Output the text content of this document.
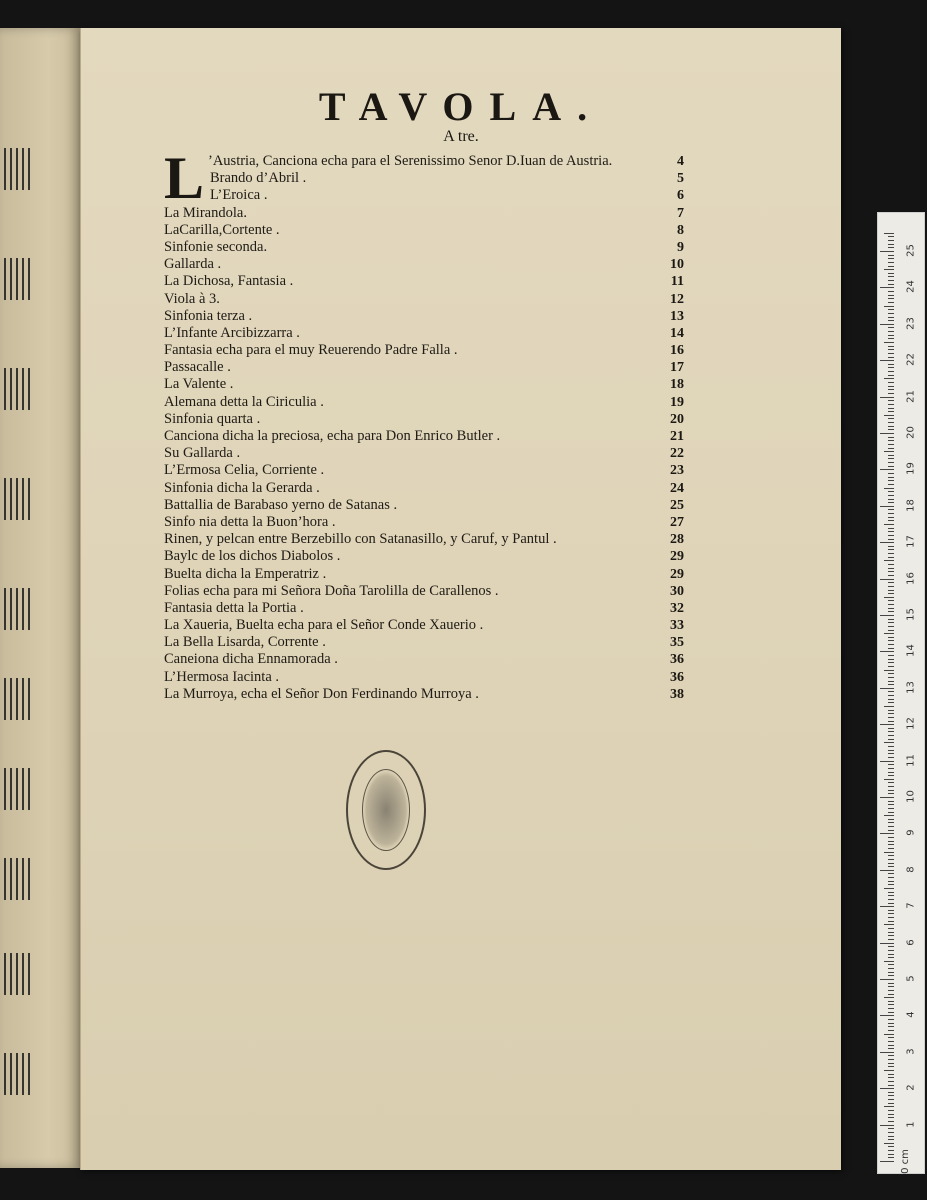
TAVOLA.
A tre.
L ’Austria, Canciona echa para el Serenissimo Senor D.Iuan de Austria.	4
Brando d’Abril .	5
L’Eroica .	6
La Mirandola.	7
LaCarilla,Cortente .	8
Sinfonie seconda.	9
Gallarda .	10
La Dichosa, Fantasia .	11
Viola à 3.	12
Sinfonia terza .	13
L’Infante Arcibizzarra .	14
Fantasia echa para el muy Reuerendo Padre Falla .	16
Passacalle .	17
La Valente .	18
Alemana detta la Ciriculia .	19
Sinfonia quarta .	20
Canciona dicha la preciosa, echa para Don Enrico Butler .	21
Su Gallarda .	22
L’Ermosa Celia, Corriente .	23
Sinfonia dicha la Gerarda .	24
Battallia de Barabaso yerno de Satanas .	25
Sinfo nia detta la Buon’hora .	27
Rinen, y pelcan entre Berzebillo con Satanasillo, y Caruf, y Pantul .	28
Baylc de los dichos Diabolos .	29
Buelta dicha la Emperatriz .	29
Folias echa para mi Señora Doña Tarolilla de Carallenos .	30
Fantasia detta la Portia .	32
La Xaueria, Buelta echa para el Señor Conde Xauerio .	33
La Bella Lisarda, Corrente .	35
Caneiona dicha Ennamorada .	36
L’Hermosa Iacinta .	36
La Murroya, echa el Señor Don Ferdinando Murroya .	38
0 cm
1
2
3
4
5
6
7
8
9
10
11
12
13
14
15
16
17
18
19
20
21
22
23
24
25
